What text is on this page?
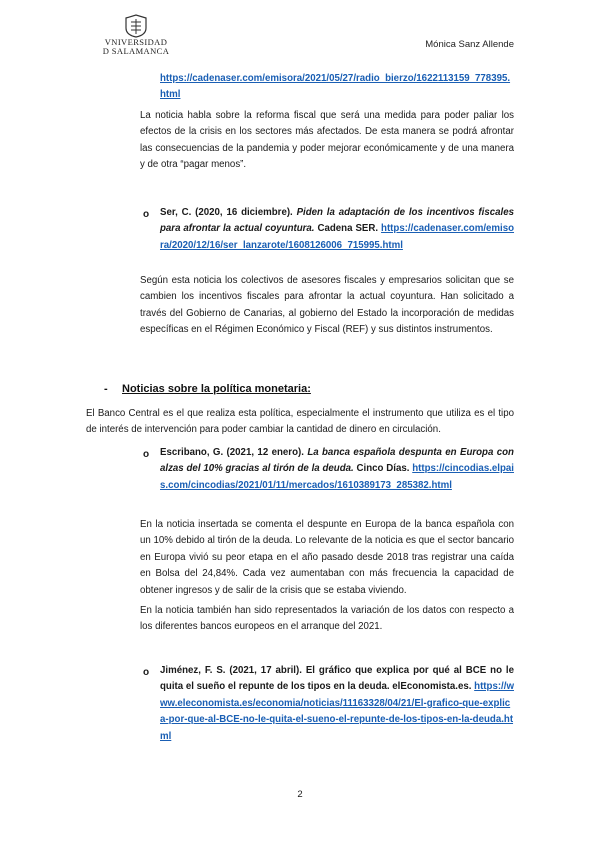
VNIVERSIDAD
D SALAMANCA
Mónica Sanz Allende
https://cadenaser.com/emisora/2021/05/27/radio_bierzo/1622113159_778395.html
La noticia habla sobre la reforma fiscal que será una medida para poder paliar los efectos de la crisis en los sectores más afectados. De esta manera se podrá afrontar las consecuencias de la pandemia y poder mejorar económicamente y de una manera y de otra “pagar menos”.
o Ser, C. (2020, 16 diciembre). Piden la adaptación de los incentivos fiscales para afrontar la actual coyuntura. Cadena SER. https://cadenaser.com/emisora/2020/12/16/ser_lanzarote/1608126006_715995.html
Según esta noticia los colectivos de asesores fiscales y empresarios solicitan que se cambien los incentivos fiscales para afrontar la actual coyuntura. Han solicitado a través del Gobierno de Canarias, al gobierno del Estado la incorporación de medidas específicas en el Régimen Económico y Fiscal (REF) y sus distintos instrumentos.
- Noticias sobre la política monetaria:
El Banco Central es el que realiza esta política, especialmente el instrumento que utiliza es el tipo de interés de intervención para poder cambiar la cantidad de dinero en circulación.
o Escribano, G. (2021, 12 enero). La banca española despunta en Europa con alzas del 10% gracias al tirón de la deuda. Cinco Días. https://cincodias.elpais.com/cincodias/2021/01/11/mercados/1610389173_285382.html
En la noticia insertada se comenta el despunte en Europa de la banca española con un 10% debido al tirón de la deuda. Lo relevante de la noticia es que el sector bancario en Europa vivió su peor etapa en el año pasado desde 2018 tras registrar una caída en Bolsa del 24,84%. Cada vez aumentaban con más frecuencia la capacidad de obtener ingresos y de salir de la crisis que se estaba viviendo.
En la noticia también han sido representados la variación de los datos con respecto a los diferentes bancos europeos en el arranque del 2021.
o Jiménez, F. S. (2021, 17 abril). El gráfico que explica por qué al BCE no le quita el sueño el repunte de los tipos en la deuda. elEconomista.es. https://www.eleconomista.es/economia/noticias/11163328/04/21/El-grafico-que-explica-por-que-al-BCE-no-le-quita-el-sueno-el-repunte-de-los-tipos-en-la-deuda.html
2
